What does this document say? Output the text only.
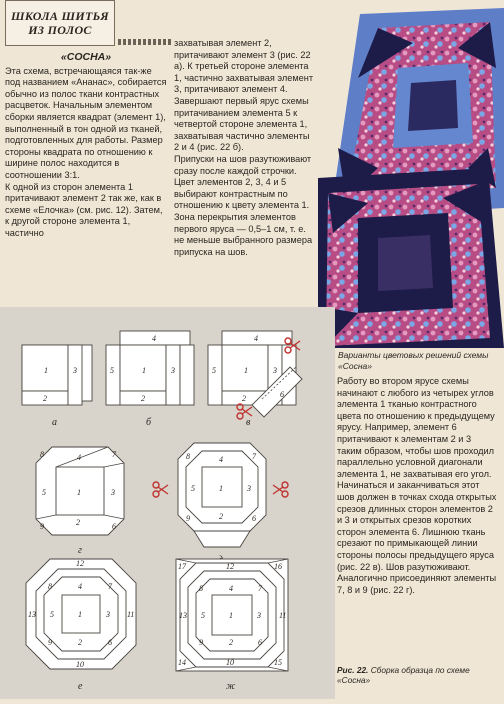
ШКОЛА ШИТЬЯ
ИЗ ПОЛОС

«СОСНА»

Эта схема, встречающаяся так-же под названием «Ананас», собирается обычно из полос ткани контрастных расцветок. Начальным элементом сборки является квадрат (элемент 1), выполненный в тон одной из тканей, подготовленных для работы. Размер стороны квадрата по отношению к ширине полос находится в соотношении 3:1.

К одной из сторон элемента 1 притачивают элемент 2 так же, как в схеме «Елочка» (см. рис. 12). Затем, к другой стороне элемента 1, частично

захватывая элемент 2, притачивают элемент 3 (рис. 22 а). К третьей стороне элемента 1, частично захватывая элемент 3, притачивают элемент 4. Завершают первый ярус схемы притачиванием элемента 5 к четвертой стороне элемента 1, захватывая частично элементы 2 и 4 (рис. 22 б).

Припуски на шов разутюживают сразу после каждой строчки. Цвет элементов 2, 3, 4 и 5 выбирают контрастным по отношению к цвету элемента 1. Зона перекрытия элементов первого яруса — 0,5–1 см, т. е. не меньше выбранного размера припуска на шов.

Варианты цветовых решений схемы «Сосна»

Работу во втором ярусе схемы начинают с любого из четырех углов элемента 1 тканью контрастного цвета по отношению к предыдущему ярусу. Например, элемент 6 притачивают к элементам 2 и 3 таким образом, чтобы шов проходил параллельно условной диагонали элемента 1, не захватывая его угол. Начинаться и заканчиваться этот шов должен в точках схода открытых срезов длинных сторон элементов 2 и 3 и открытых срезов коротких сторон элемента 6. Лишнюю ткань срезают по примыкающей линии стороны полосы предыдущего яруса (рис. 22 в). Шов разутюживают. Аналогично присоединяют элементы 7, 8 и 9 (рис. 22 г).

Рис. 22. Сборка образца по схеме «Сосна»
1
2
3
а
1
2
3
4
5
б
1
2
3
4
5
6
в
1
2
3
4
5
6
7
8
9
г
1
2
3
4
5
6
7
8
9
1
2
3
4
5
6
7
8
9
10
11
12
13
е
1
2
3
4
5
6
7
8
9
10
11
12
13
14	15
16
17
ж
